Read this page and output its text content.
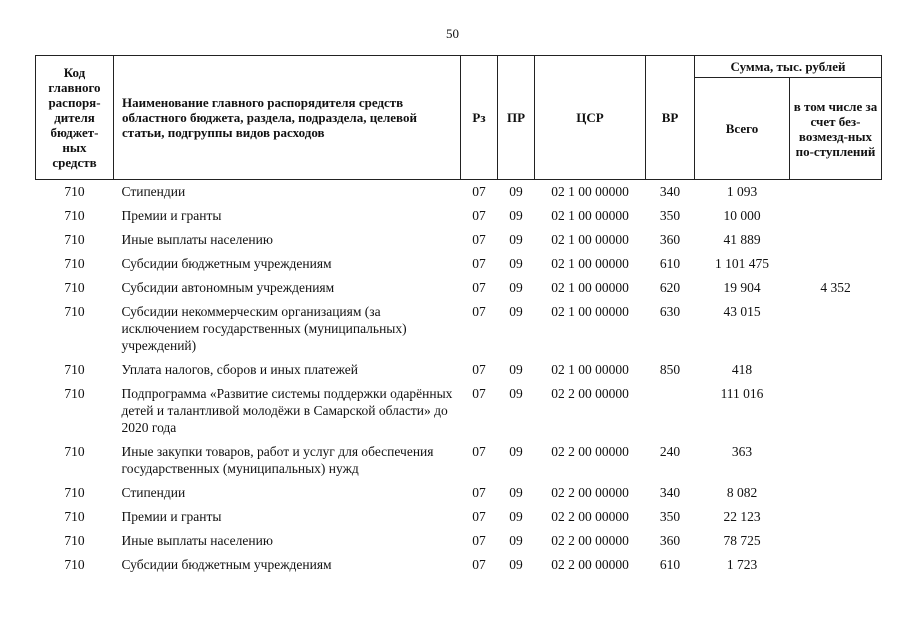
50
Код главного распоря-дителя бюджет-ных средств	Наименование главного распорядителя средств областного бюджета, раздела, подраздела, целевой статьи, подгруппы видов расходов	Рз	ПР	ЦСР	ВР	Сумма, тыс. рублей	
						Всего	в том числе за счет без-возмезд-ных по-ступлений
710	Стипендии	07	09	02 1 00 00000	340	1 093	
710	Премии и гранты	07	09	02 1 00 00000	350	10 000	
710	Иные выплаты населению	07	09	02 1 00 00000	360	41 889	
710	Субсидии бюджетным учреждениям	07	09	02 1 00 00000	610	1 101 475	
710	Субсидии автономным учреждениям	07	09	02 1 00 00000	620	19 904	4 352
710	Субсидии некоммерческим организациям (за исключением государственных (муниципальных) учреждений)	07	09	02 1 00 00000	630	43 015	
710	Уплата налогов, сборов и иных платежей	07	09	02 1 00 00000	850	418	
710	Подпрограмма «Развитие системы поддержки одарённых детей и талантливой молодёжи в Самарской области» до 2020 года	07	09	02 2 00 00000		111 016	
710	Иные закупки товаров, работ и услуг для обеспечения государственных (муниципальных) нужд	07	09	02 2 00 00000	240	363	
710	Стипендии	07	09	02 2 00 00000	340	8 082	
710	Премии и гранты	07	09	02 2 00 00000	350	22 123	
710	Иные выплаты населению	07	09	02 2 00 00000	360	78 725	
710	Субсидии бюджетным учреждениям	07	09	02 2 00 00000	610	1 723	
